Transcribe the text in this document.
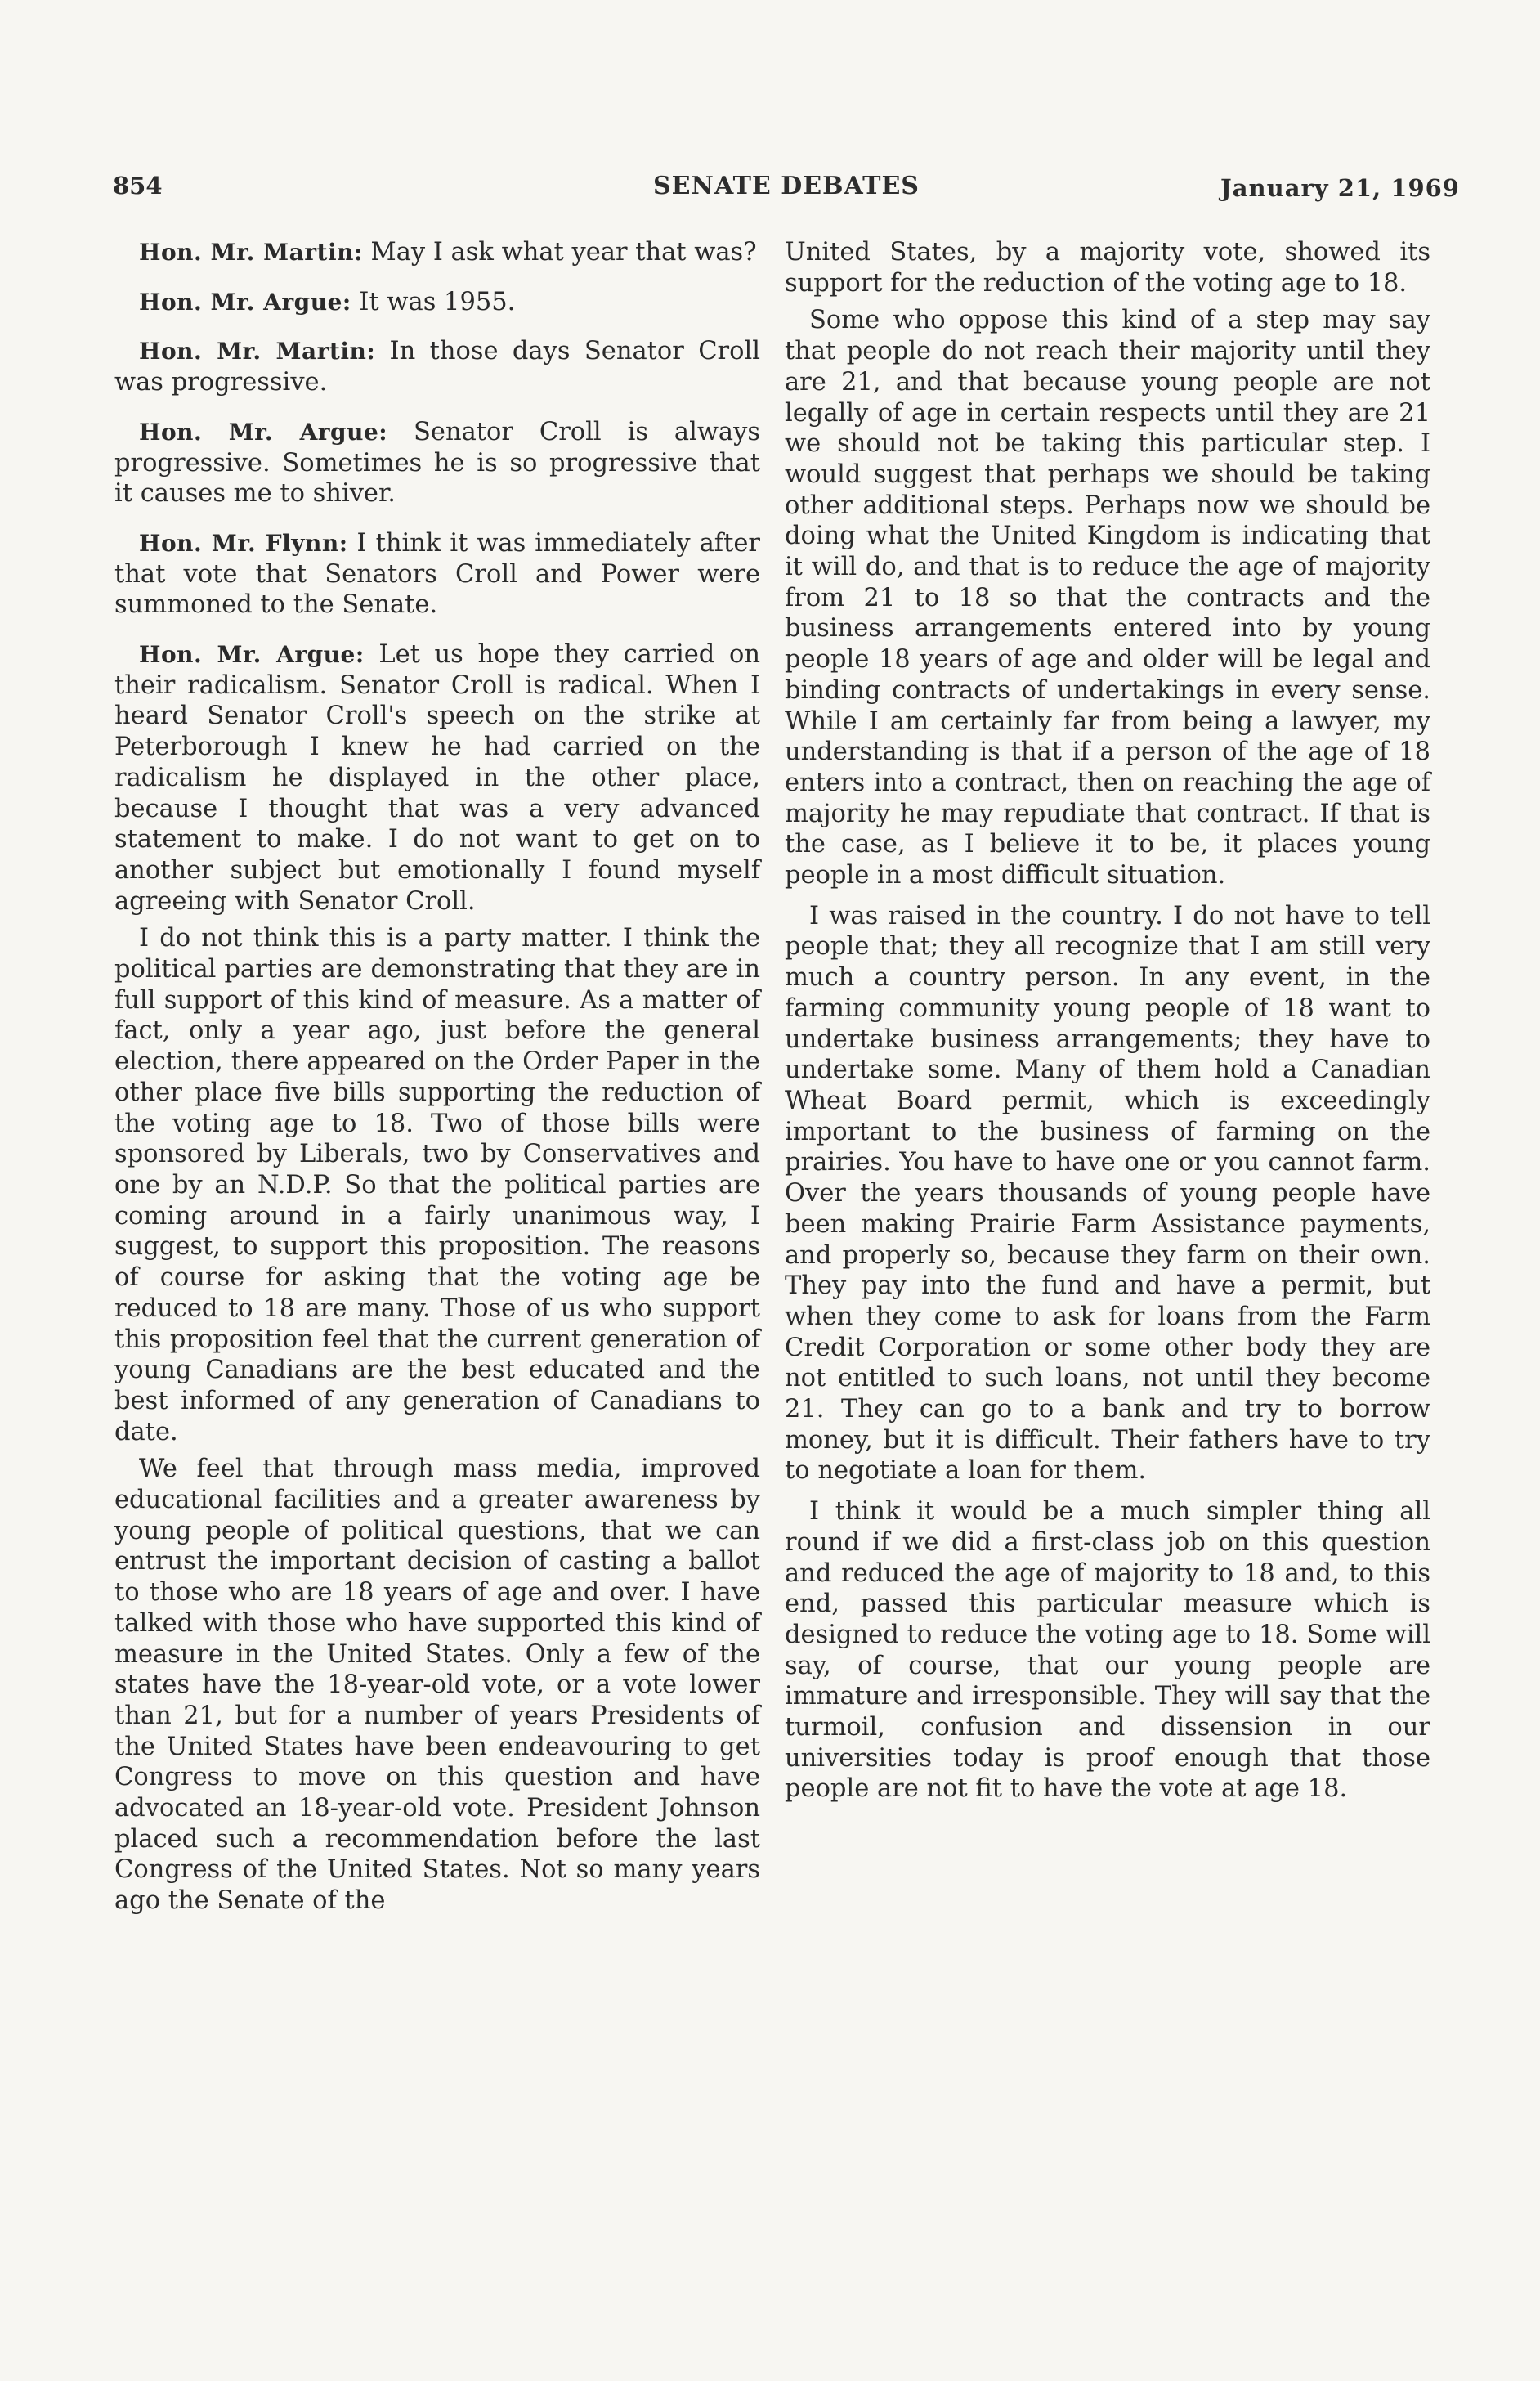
854	SENATE DEBATES	January 21, 1969

Hon. Mr. Martin: May I ask what year that was?

Hon. Mr. Argue: It was 1955.

Hon. Mr. Martin: In those days Senator Croll was progressive.

Hon. Mr. Argue: Senator Croll is always progressive. Sometimes he is so progressive that it causes me to shiver.

Hon. Mr. Flynn: I think it was immediately after that vote that Senators Croll and Power were summoned to the Senate.

Hon. Mr. Argue: Let us hope they carried on their radicalism. Senator Croll is radical. When I heard Senator Croll's speech on the strike at Peterborough I knew he had carried on the radicalism he displayed in the other place, because I thought that was a very advanced statement to make. I do not want to get on to another subject but emotionally I found myself agreeing with Senator Croll.

I do not think this is a party matter. I think the political parties are demonstrating that they are in full support of this kind of measure. As a matter of fact, only a year ago, just before the general election, there appeared on the Order Paper in the other place five bills supporting the reduction of the voting age to 18. Two of those bills were sponsored by Liberals, two by Conservatives and one by an N.D.P. So that the political parties are coming around in a fairly unanimous way, I suggest, to support this proposition. The reasons of course for asking that the voting age be reduced to 18 are many. Those of us who support this proposition feel that the current generation of young Canadians are the best educated and the best informed of any generation of Canadians to date.

We feel that through mass media, improved educational facilities and a greater awareness by young people of political questions, that we can entrust the important decision of casting a ballot to those who are 18 years of age and over. I have talked with those who have supported this kind of measure in the United States. Only a few of the states have the 18-year-old vote, or a vote lower than 21, but for a number of years Presidents of the United States have been endeavouring to get Congress to move on this question and have advocated an 18-year-old vote. President Johnson placed such a recommendation before the last Congress of the United States. Not so many years ago the Senate of the

United States, by a majority vote, showed its support for the reduction of the voting age to 18.

Some who oppose this kind of a step may say that people do not reach their majority until they are 21, and that because young people are not legally of age in certain respects until they are 21 we should not be taking this particular step. I would suggest that perhaps we should be taking other additional steps. Perhaps now we should be doing what the United Kingdom is indicating that it will do, and that is to reduce the age of majority from 21 to 18 so that the contracts and the business arrangements entered into by young people 18 years of age and older will be legal and binding contracts of undertakings in every sense. While I am certainly far from being a lawyer, my understanding is that if a person of the age of 18 enters into a contract, then on reaching the age of majority he may repudiate that contract. If that is the case, as I believe it to be, it places young people in a most difficult situation.

I was raised in the country. I do not have to tell people that; they all recognize that I am still very much a country person. In any event, in the farming community young people of 18 want to undertake business arrangements; they have to undertake some. Many of them hold a Canadian Wheat Board permit, which is exceedingly important to the business of farming on the prairies. You have to have one or you cannot farm. Over the years thousands of young people have been making Prairie Farm Assistance payments, and properly so, because they farm on their own. They pay into the fund and have a permit, but when they come to ask for loans from the Farm Credit Corporation or some other body they are not entitled to such loans, not until they become 21. They can go to a bank and try to borrow money, but it is difficult. Their fathers have to try to negotiate a loan for them.

I think it would be a much simpler thing all round if we did a first-class job on this question and reduced the age of majority to 18 and, to this end, passed this particular measure which is designed to reduce the voting age to 18. Some will say, of course, that our young people are immature and irresponsible. They will say that the turmoil, confusion and dissension in our universities today is proof enough that those people are not fit to have the vote at age 18.
